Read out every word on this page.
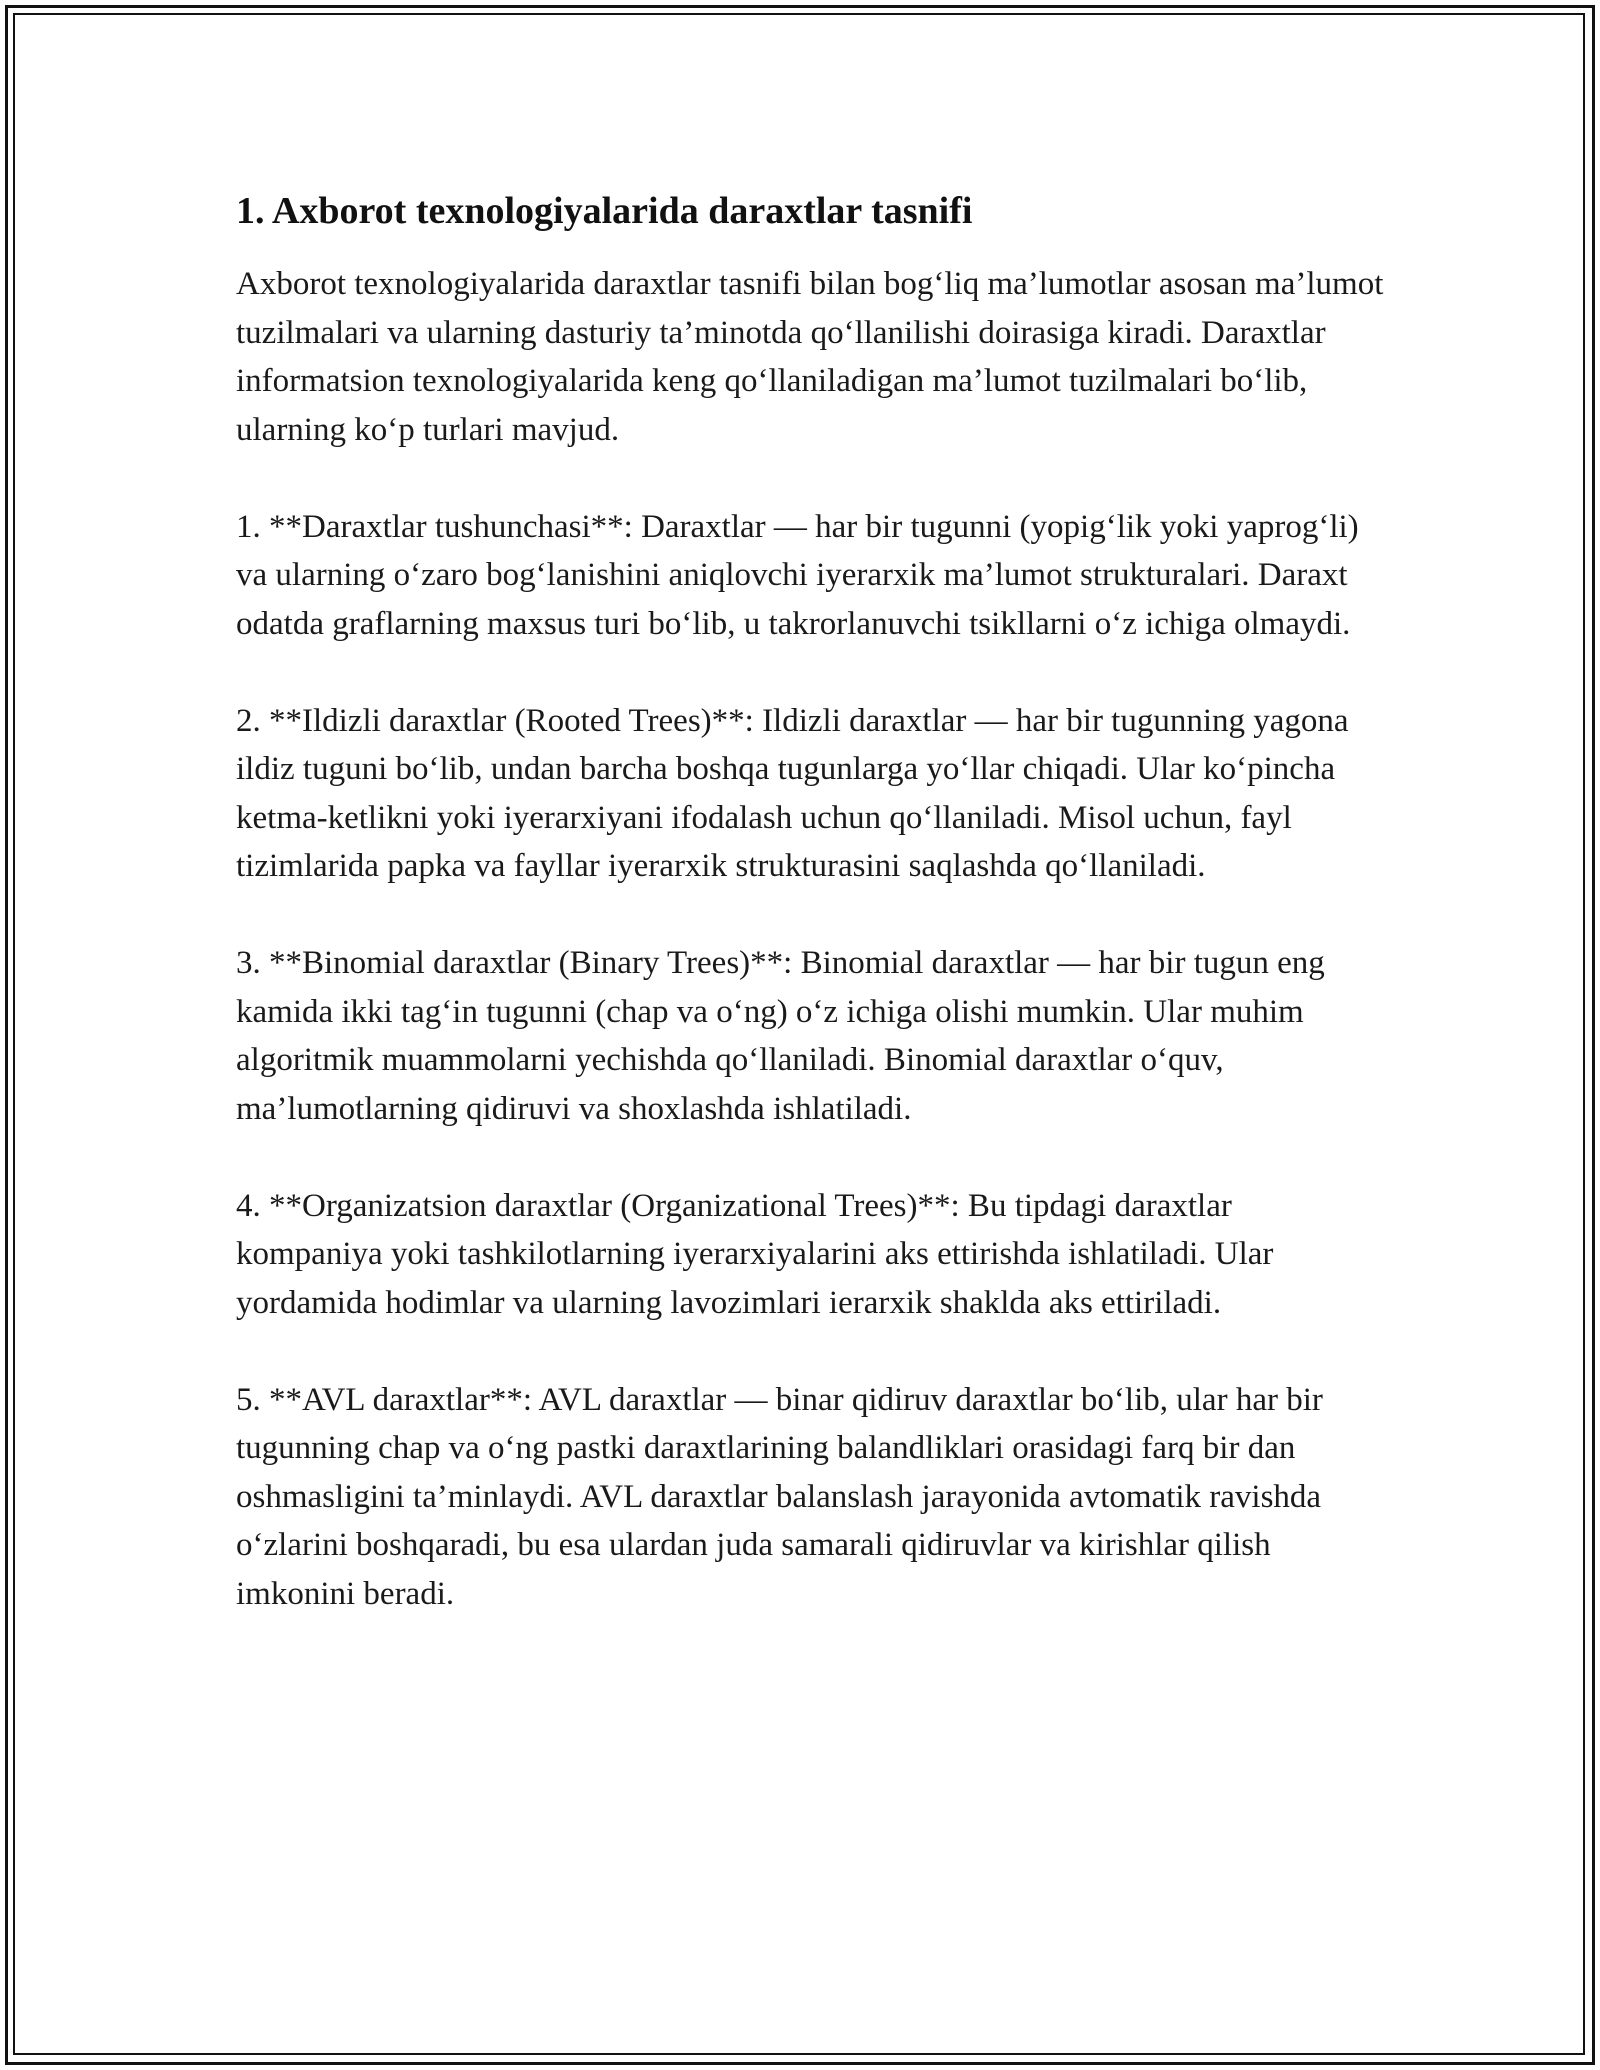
1. Axborot texnologiyalarida daraxtlar tasnifi

Axborot texnologiyalarida daraxtlar tasnifi bilan bog‘liq ma’lumotlar asosan ma’lumot tuzilmalari va ularning dasturiy ta’minotda qo‘llanilishi doirasiga kiradi. Daraxtlar informatsion texnologiyalarida keng qo‘llaniladigan ma’lumot tuzilmalari bo‘lib, ularning ko‘p turlari mavjud.

1. **Daraxtlar tushunchasi**: Daraxtlar — har bir tugunni (yopig‘lik yoki yaprog‘li) va ularning o‘zaro bog‘lanishini aniqlovchi iyerarxik ma’lumot strukturalari. Daraxt odatda graflarning maxsus turi bo‘lib, u takrorlanuvchi tsikllarni o‘z ichiga olmaydi.

2. **Ildizli daraxtlar (Rooted Trees)**: Ildizli daraxtlar — har bir tugunning yagona ildiz tuguni bo‘lib, undan barcha boshqa tugunlarga yo‘llar chiqadi. Ular ko‘pincha ketma-ketlikni yoki iyerarxiyani ifodalash uchun qo‘llaniladi. Misol uchun, fayl tizimlarida papka va fayllar iyerarxik strukturasini saqlashda qo‘llaniladi.

3. **Binomial daraxtlar (Binary Trees)**: Binomial daraxtlar — har bir tugun eng kamida ikki tag‘in tugunni (chap va o‘ng) o‘z ichiga olishi mumkin. Ular muhim algoritmik muammolarni yechishda qo‘llaniladi. Binomial daraxtlar o‘quv, ma’lumotlarning qidiruvi va shoxlashda ishlatiladi.

4. **Organizatsion daraxtlar (Organizational Trees)**: Bu tipdagi daraxtlar kompaniya yoki tashkilotlarning iyerarxiyalarini aks ettirishda ishlatiladi. Ular yordamida hodimlar va ularning lavozimlari ierarxik shaklda aks ettiriladi.

5. **AVL daraxtlar**: AVL daraxtlar — binar qidiruv daraxtlar bo‘lib, ular har bir tugunning chap va o‘ng pastki daraxtlarining balandliklari orasidagi farq bir dan oshmasligini ta’minlaydi. AVL daraxtlar balanslash jarayonida avtomatik ravishda o‘zlarini boshqaradi, bu esa ulardan juda samarali qidiruvlar va kirishlar qilish imkonini beradi.
